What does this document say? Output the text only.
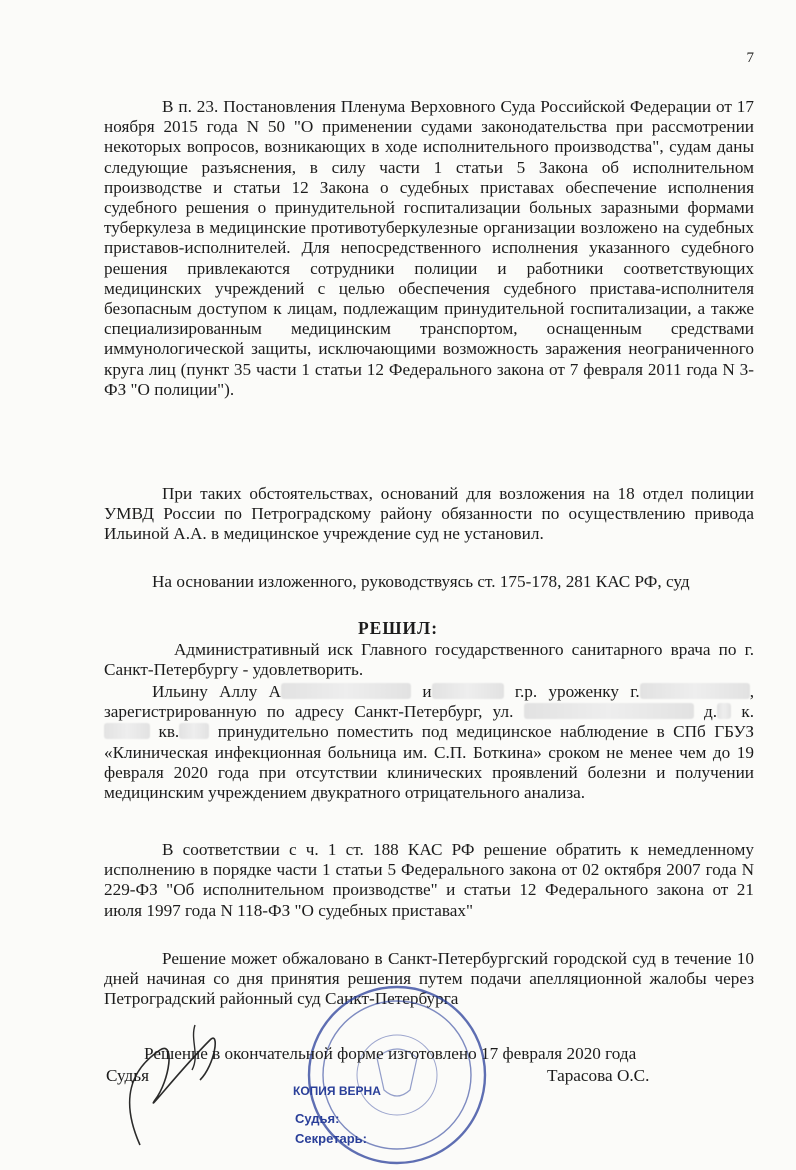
7
В п. 23. Постановления Пленума Верховного Суда Российской Федерации от 17 ноября 2015 года N 50 "О применении судами законодательства при рассмотрении некоторых вопросов, возникающих в ходе исполнительного производства", судам даны следующие разъяснения, в силу части 1 статьи 5 Закона об исполнительном производстве и статьи 12 Закона о судебных приставах обеспечение исполнения судебного решения о принудительной госпитализации больных заразными формами туберкулеза в медицинские противотуберкулезные организации возложено на судебных приставов-исполнителей. Для непосредственного исполнения указанного судебного решения привлекаются сотрудники полиции и работники соответствующих медицинских учреждений с целью обеспечения судебного пристава-исполнителя безопасным доступом к лицам, подлежащим принудительной госпитализации, а также специализированным медицинским транспортом, оснащенным средствами иммунологической защиты, исключающими возможность заражения неограниченного круга лиц (пункт 35 части 1 статьи 12 Федерального закона от 7 февраля 2011 года N 3-ФЗ "О полиции").
При таких обстоятельствах, оснований для возложения на 18 отдел полиции УМВД России по Петроградскому району обязанности по осуществлению привода Ильиной А.А. в медицинское учреждение суд не установил.
На основании изложенного, руководствуясь ст. 175-178, 281 КАС РФ, суд
РЕШИЛ:
Административный иск Главного государственного санитарного врача по г. Санкт-Петербургу - удовлетворить.
Ильину Аллу А	и	г.р. уроженку г.	, зарегистрированную по адресу Санкт-Петербург, ул.	д. к. кв. принудительно поместить под медицинское наблюдение в СПб ГБУЗ «Клиническая инфекционная больница им. С.П. Боткина» сроком не менее чем до 19 февраля 2020 года при отсутствии клинических проявлений болезни и получении медицинским учреждением двукратного отрицательного анализа.
В соответствии с ч. 1 ст. 188 КАС РФ решение обратить к немедленному исполнению в порядке части 1 статьи 5 Федерального закона от 02 октября 2007 года N 229-ФЗ "Об исполнительном производстве" и статьи 12 Федерального закона от 21 июля 1997 года N 118-ФЗ "О судебных приставах"
Решение может обжаловано в Санкт-Петербургский городской суд в течение 10 дней начиная со дня принятия решения путем подачи апелляционной жалобы через Петроградский районный суд Санкт-Петербурга
Решение в окончательной форме изготовлено 17 февраля 2020 года
Судья	Тарасова О.С.
КОПИЯ ВЕРНА
Судья:
Секретарь:
